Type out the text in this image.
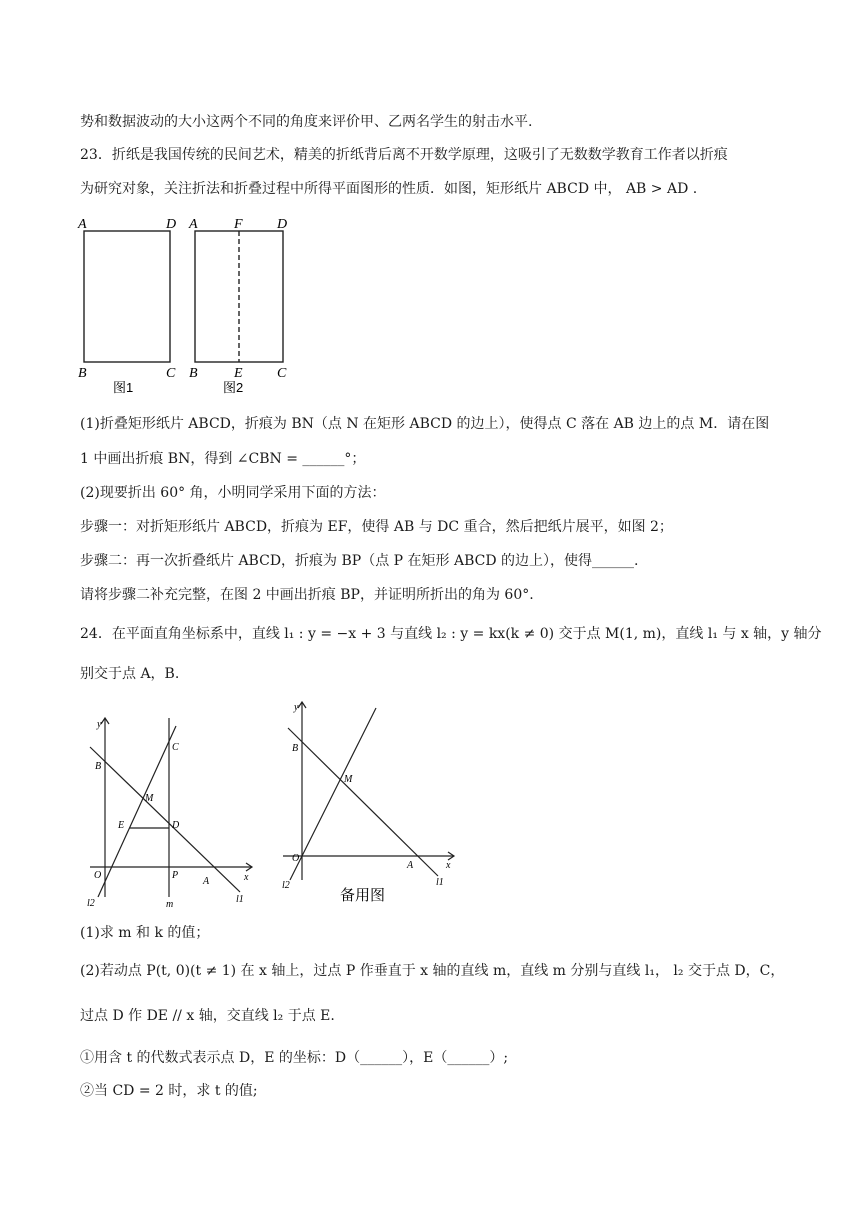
势和数据波动的大小这两个不同的角度来评价甲、乙两名学生的射击水平.
23．折纸是我国传统的民间艺术，精美的折纸背后离不开数学原理，这吸引了无数数学教育工作者以折痕
为研究对象，关注折法和折叠过程中所得平面图形的性质．如图，矩形纸片 ABCD 中， AB > AD .
A	D
B	C
图1
A	F D
B	E C
图2
(1)折叠矩形纸片 ABCD，折痕为 BN（点 N 在矩形 ABCD 的边上），使得点 C 落在 AB 边上的点 M．请在图
1 中画出折痕 BN，得到 ∠CBN = ______°；
(2)现要折出 60° 角，小明同学采用下面的方法：
步骤一：对折矩形纸片 ABCD，折痕为 EF，使得 AB 与 DC 重合，然后把纸片展平，如图 2；
步骤二：再一次折叠纸片 ABCD，折痕为 BP（点 P 在矩形 ABCD 的边上），使得______.
请将步骤二补充完整，在图 2 中画出折痕 BP，并证明所折出的角为 60°.
24．在平面直角坐标系中，直线 l₁ : y = −x + 3 与直线 l₂ : y = kx(k ≠ 0) 交于点 M(1, m)，直线 l₁ 与 x 轴，y 轴分
别交于点 A，B.
y
x
B
C
M
E	D
O	P
A
l2	m	l1
y
x
B
M
O
A
l2	l1
备用图
(1)求 m 和 k 的值；
(2)若动点 P(t, 0)(t ≠ 1) 在 x 轴上，过点 P 作垂直于 x 轴的直线 m，直线 m 分别与直线 l₁， l₂ 交于点 D，C，
过点 D 作 DE // x 轴，交直线 l₂ 于点 E.
①用含 t 的代数式表示点 D，E 的坐标：D（______），E（______）;
②当 CD = 2 时，求 t 的值;
